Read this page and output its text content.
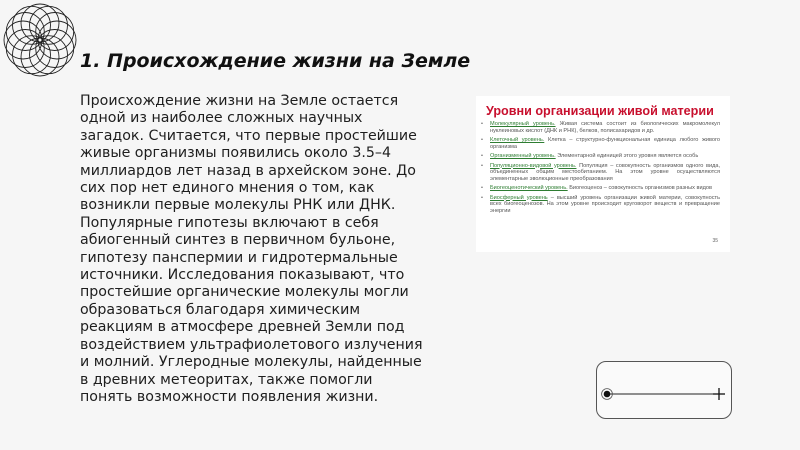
1. Происхождение жизни на Земле

Происхождение жизни на Земле остается одной из наиболее сложных научных загадок. Считается, что первые простейшие живые организмы появились около 3.5–4 миллиардов лет назад в архейском эоне. До сих пор нет единого мнения о том, как возникли первые молекулы РНК или ДНК. Популярные гипотезы включают в себя абиогенный синтез в первичном бульоне, гипотезу панспермии и гидротермальные источники. Исследования показывают, что простейшие органические молекулы могли образоваться благодаря химическим реакциям в атмосфере древней Земли под воздействием ультрафиолетового излучения и молний. Углеродные молекулы, найденные в древних метеоритах, также помогли понять возможности появления жизни.

Уровни организации живой материи
• Молекулярный уровень. Живая система состоит из биологических макромолекул нуклеиновых кислот (ДНК и РНК), белков, полисахаридов и др.
• Клеточный уровень. Клетка – структурно-функциональная единица любого живого организма
• Организменный уровень. Элементарной единицей этого уровня является особь
• Популяционно-видовой уровень. Популяция – совокупность организмов одного вида, объединенных общим местообитанием. На этом уровне осуществляются элементарные эволюционные преобразования
• Биогеоценотический уровень. Биогеоценоз – совокупность организмов разных видов
• Биосферный уровень – высший уровень организации живой материи, совокупность всех биогеоценозов. На этом уровне происходит круговорот веществ и превращение энергии
35
